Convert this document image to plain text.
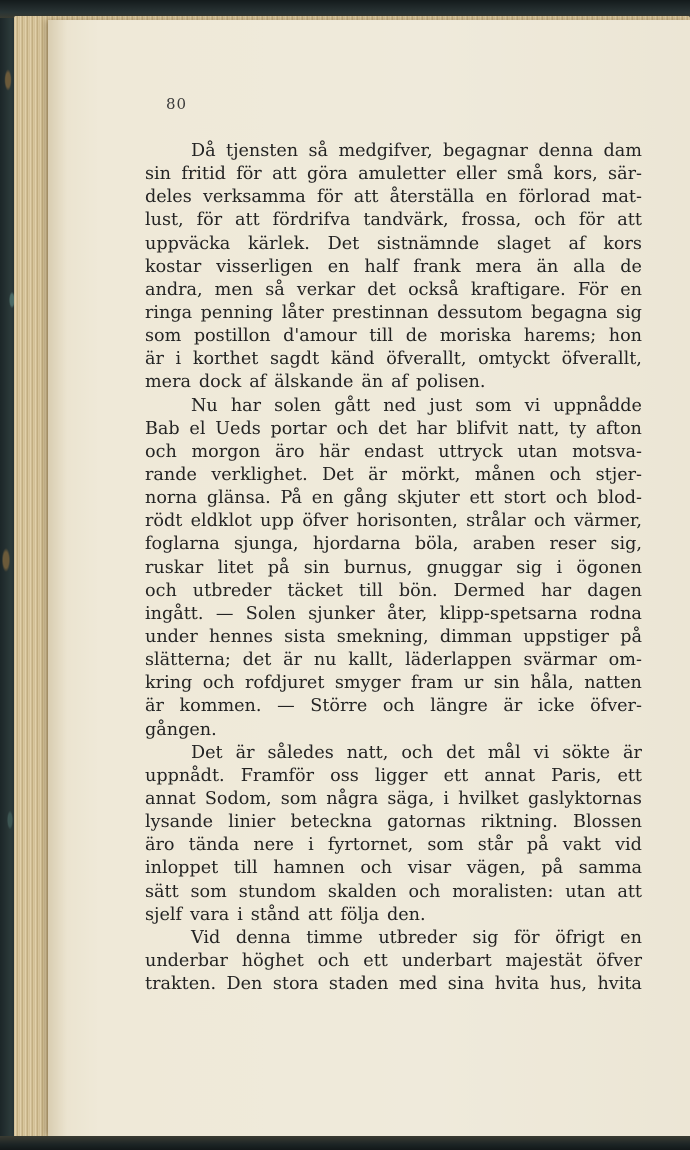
80
Då tjensten så medgifver, begagnar denna dam
sin fritid för att göra amuletter eller små kors, sär-
deles verksamma för att återställa en förlorad mat-
lust, för att fördrifva tandvärk, frossa, och för att
uppväcka kärlek. Det sistnämnde slaget af kors
kostar visserligen en half frank mera än alla de
andra, men så verkar det också kraftigare. För en
ringa penning låter prestinnan dessutom begagna sig
som postillon d'amour till de moriska harems; hon
är i korthet sagdt känd öfverallt, omtyckt öfverallt,
mera dock af älskande än af polisen.
Nu har solen gått ned just som vi uppnådde
Bab el Ueds portar och det har blifvit natt, ty afton
och morgon äro här endast uttryck utan motsva-
rande verklighet. Det är mörkt, månen och stjer-
norna glänsa. På en gång skjuter ett stort och blod-
rödt eldklot upp öfver horisonten, strålar och värmer,
foglarna sjunga, hjordarna böla, araben reser sig,
ruskar litet på sin burnus, gnuggar sig i ögonen
och utbreder täcket till bön. Dermed har dagen
ingått. — Solen sjunker åter, klipp-spetsarna rodna
under hennes sista smekning, dimman uppstiger på
slätterna; det är nu kallt, läderlappen svärmar om-
kring och rofdjuret smyger fram ur sin håla, natten
är kommen. — Större och längre är icke öfver-
gången.
Det är således natt, och det mål vi sökte är
uppnådt. Framför oss ligger ett annat Paris, ett
annat Sodom, som några säga, i hvilket gaslyktornas
lysande linier beteckna gatornas riktning. Blossen
äro tända nere i fyrtornet, som står på vakt vid
inloppet till hamnen och visar vägen, på samma
sätt som stundom skalden och moralisten: utan att
sjelf vara i stånd att följa den.
Vid denna timme utbreder sig för öfrigt en
underbar höghet och ett underbart majestät öfver
trakten. Den stora staden med sina hvita hus, hvita
